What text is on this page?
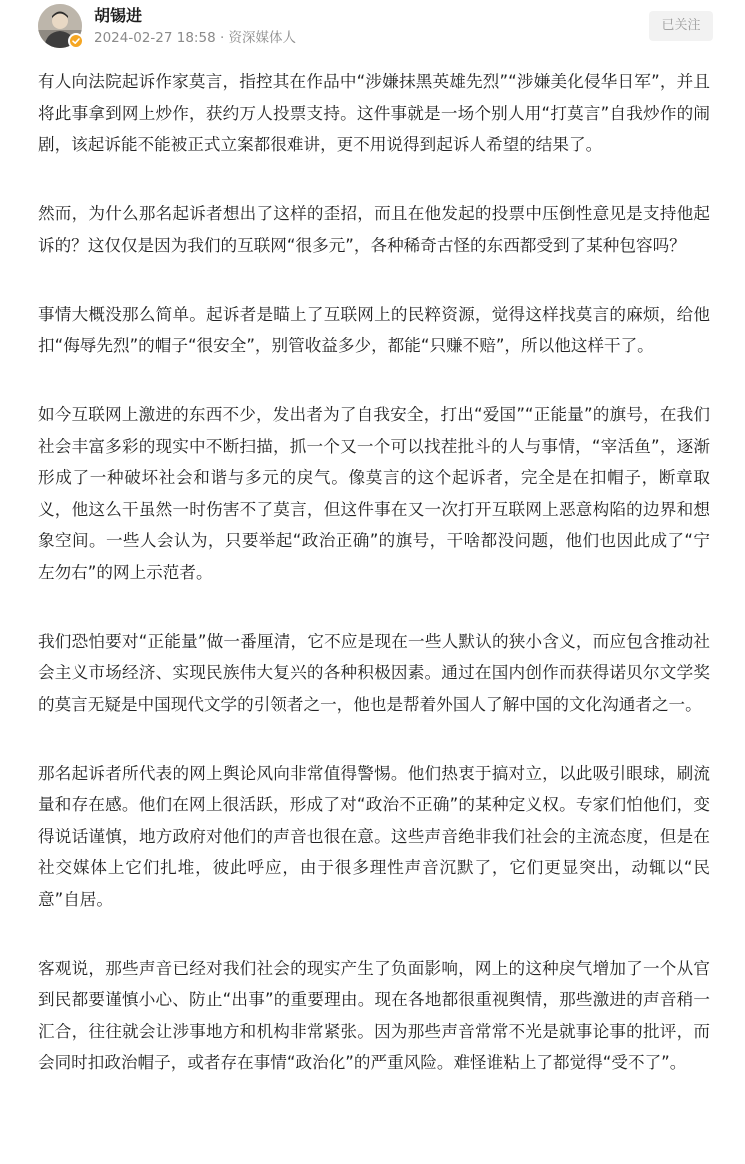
胡锡进
2024-02-27 18:58 · 资深媒体人
已关注

有人向法院起诉作家莫言，指控其在作品中“涉嫌抹黑英雄先烈”“涉嫌美化侵华日军”，并且将此事拿到网上炒作，获约万人投票支持。这件事就是一场个别人用“打莫言”自我炒作的闹剧，该起诉能不能被正式立案都很难讲，更不用说得到起诉人希望的结果了。

然而，为什么那名起诉者想出了这样的歪招，而且在他发起的投票中压倒性意见是支持他起诉的？这仅仅是因为我们的互联网“很多元”，各种稀奇古怪的东西都受到了某种包容吗？

事情大概没那么简单。起诉者是瞄上了互联网上的民粹资源，觉得这样找莫言的麻烦，给他扣“侮辱先烈”的帽子“很安全”，别管收益多少，都能“只赚不赔”，所以他这样干了。

如今互联网上激进的东西不少，发出者为了自我安全，打出“爱国”“正能量”的旗号，在我们社会丰富多彩的现实中不断扫描，抓一个又一个可以找茬批斗的人与事情，“宰活鱼”，逐渐形成了一种破坏社会和谐与多元的戾气。像莫言的这个起诉者，完全是在扣帽子，断章取义，他这么干虽然一时伤害不了莫言，但这件事在又一次打开互联网上恶意构陷的边界和想象空间。一些人会认为，只要举起“政治正确”的旗号，干啥都没问题，他们也因此成了“宁左勿右”的网上示范者。

我们恐怕要对“正能量”做一番厘清，它不应是现在一些人默认的狭小含义，而应包含推动社会主义市场经济、实现民族伟大复兴的各种积极因素。通过在国内创作而获得诺贝尔文学奖的莫言无疑是中国现代文学的引领者之一，他也是帮着外国人了解中国的文化沟通者之一。

那名起诉者所代表的网上舆论风向非常值得警惕。他们热衷于搞对立，以此吸引眼球，刷流量和存在感。他们在网上很活跃，形成了对“政治不正确”的某种定义权。专家们怕他们，变得说话谨慎，地方政府对他们的声音也很在意。这些声音绝非我们社会的主流态度，但是在社交媒体上它们扎堆，彼此呼应，由于很多理性声音沉默了，它们更显突出，动辄以“民意”自居。

客观说，那些声音已经对我们社会的现实产生了负面影响，网上的这种戾气增加了一个从官到民都要谨慎小心、防止“出事”的重要理由。现在各地都很重视舆情，那些激进的声音稍一汇合，往往就会让涉事地方和机构非常紧张。因为那些声音常常不光是就事论事的批评，而会同时扣政治帽子，或者存在事情“政治化”的严重风险。难怪谁粘上了都觉得“受不了”。
